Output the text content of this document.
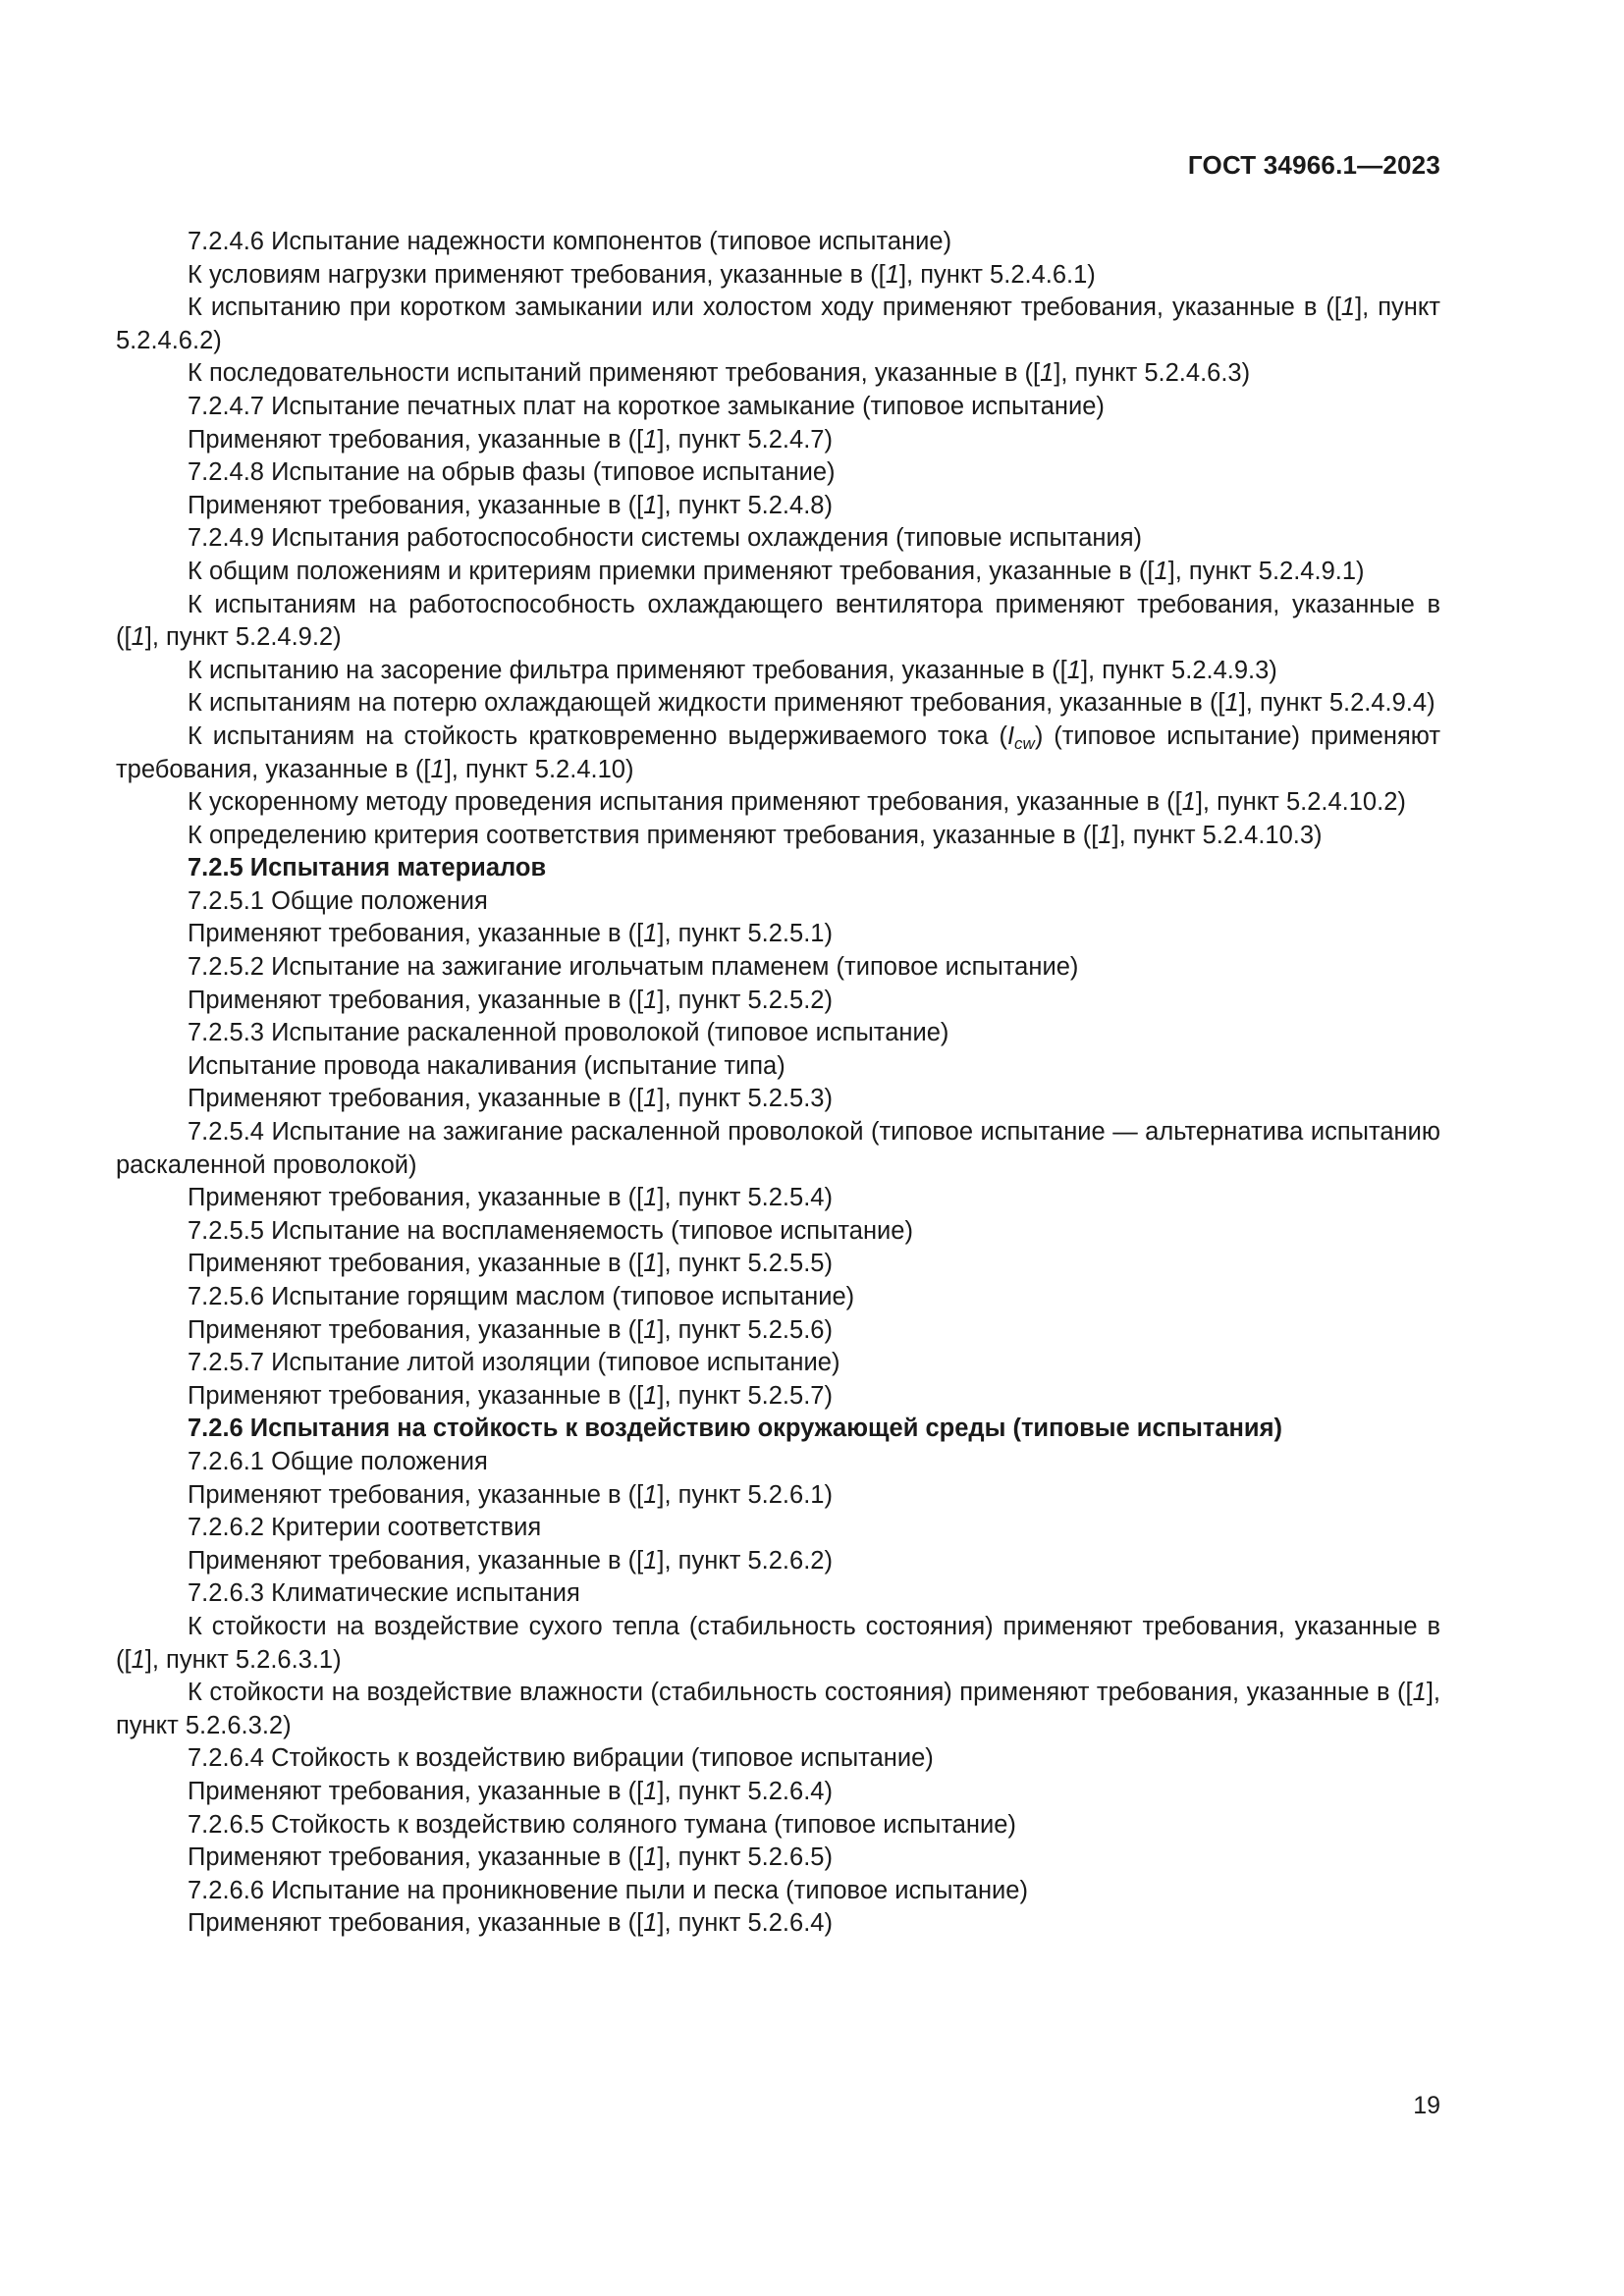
ГОСТ 34966.1—2023

7.2.4.6 Испытание надежности компонентов (типовое испытание)

К условиям нагрузки применяют требования, указанные в ([1], пункт 5.2.4.6.1)

К испытанию при коротком замыкании или холостом ходу применяют требования, указанные в ([1], пункт 5.2.4.6.2)

К последовательности испытаний применяют требования, указанные в ([1], пункт 5.2.4.6.3)

7.2.4.7 Испытание печатных плат на короткое замыкание (типовое испытание)

Применяют требования, указанные в ([1], пункт 5.2.4.7)

7.2.4.8 Испытание на обрыв фазы (типовое испытание)

Применяют требования, указанные в ([1], пункт 5.2.4.8)

7.2.4.9 Испытания работоспособности системы охлаждения (типовые испытания)

К общим положениям и критериям приемки применяют требования, указанные в ([1], пункт 5.2.4.9.1)

К испытаниям на работоспособность охлаждающего вентилятора применяют требования, указанные в ([1], пункт 5.2.4.9.2)

К испытанию на засорение фильтра применяют требования, указанные в ([1], пункт 5.2.4.9.3)

К испытаниям на потерю охлаждающей жидкости применяют требования, указанные в ([1], пункт 5.2.4.9.4)

К испытаниям на стойкость кратковременно выдерживаемого тока $(I_{cw})$ (типовое испытание) применяют требования, указанные в ([1], пункт 5.2.4.10)

К ускоренному методу проведения испытания применяют требования, указанные в ([1], пункт 5.2.4.10.2)

К определению критерия соответствия применяют требования, указанные в ([1], пункт 5.2.4.10.3)

7.2.5 Испытания материалов

7.2.5.1 Общие положения

Применяют требования, указанные в ([1], пункт 5.2.5.1)

7.2.5.2 Испытание на зажигание игольчатым пламенем (типовое испытание)

Применяют требования, указанные в ([1], пункт 5.2.5.2)

7.2.5.3 Испытание раскаленной проволокой (типовое испытание)

Испытание провода накаливания (испытание типа)

Применяют требования, указанные в ([1], пункт 5.2.5.3)

7.2.5.4 Испытание на зажигание раскаленной проволокой (типовое испытание — альтернатива испытанию раскаленной проволокой)

Применяют требования, указанные в ([1], пункт 5.2.5.4)

7.2.5.5 Испытание на воспламеняемость (типовое испытание)

Применяют требования, указанные в ([1], пункт 5.2.5.5)

7.2.5.6 Испытание горящим маслом (типовое испытание)

Применяют требования, указанные в ([1], пункт 5.2.5.6)

7.2.5.7 Испытание литой изоляции (типовое испытание)

Применяют требования, указанные в ([1], пункт 5.2.5.7)

7.2.6 Испытания на стойкость к воздействию окружающей среды (типовые испытания)

7.2.6.1 Общие положения

Применяют требования, указанные в ([1], пункт 5.2.6.1)

7.2.6.2 Критерии соответствия

Применяют требования, указанные в ([1], пункт 5.2.6.2)

7.2.6.3 Климатические испытания

К стойкости на воздействие сухого тепла (стабильность состояния) применяют требования, указанные в ([1], пункт 5.2.6.3.1)

К стойкости на воздействие влажности (стабильность состояния) применяют требования, указанные в ([1], пункт 5.2.6.3.2)

7.2.6.4 Стойкость к воздействию вибрации (типовое испытание)

Применяют требования, указанные в ([1], пункт 5.2.6.4)

7.2.6.5 Стойкость к воздействию соляного тумана (типовое испытание)

Применяют требования, указанные в ([1], пункт 5.2.6.5)

7.2.6.6 Испытание на проникновение пыли и песка (типовое испытание)

Применяют требования, указанные в ([1], пункт 5.2.6.4)

19
